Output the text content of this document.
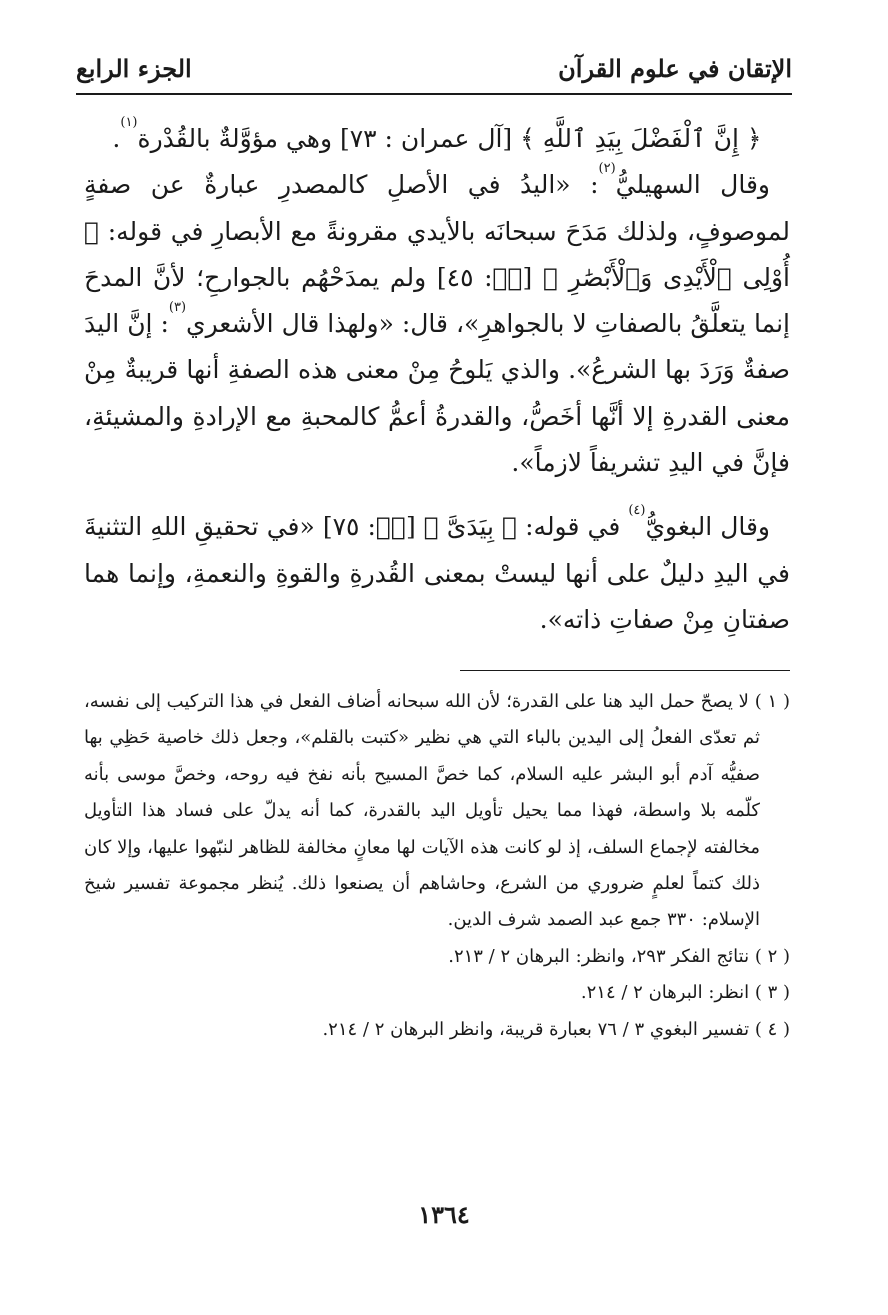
الإتقان في علوم القرآن
الجزء الرابع

﴿ إِنَّ ٱلْفَضْلَ بِيَدِ ٱللَّهِ ﴾ [آل عمران : ٧٣] وهي مؤوَّلةٌ بالقُدْرة$^{(١)}$.

وقال السهيليُّ$^{(٢)}$: «اليدُ في الأصلِ كالمصدرِ عبارةٌ عن صفةٍ لموصوفٍ، ولذلك مَدَحَ سبحانَه بالأيدي مقرونةً مع الأبصارِ في قوله: ﴿ أُوْلِى ٱلْأَيْدِى وَٱلْأَبْصَٰرِ ﴾ [صۤ: ٤٥] ولم يمدَحْهُم بالجوارحِ؛ لأنَّ المدحَ إنما يتعلَّقُ بالصفاتِ لا بالجواهرِ»، قال: «ولهذا قال الأشعري$^{(٣)}$: إنَّ اليدَ صفةٌ وَرَدَ بها الشرعُ». والذي يَلوحُ مِنْ معنى هذه الصفةِ أنها قريبةٌ مِنْ معنى القدرةِ إلا أنَّها أخَصُّ، والقدرةُ أعمُّ كالمحبةِ مع الإرادةِ والمشيئةِ، فإنَّ في اليدِ تشريفاً لازماً».

وقال البغويُّ$^{(٤)}$ في قوله: ﴿ بِيَدَىَّ ﴾ [صۤ: ٧٥] «في تحقيقِ اللهِ التثنيةَ في اليدِ دليلٌ على أنها ليستْ بمعنى القُدرةِ والقوةِ والنعمةِ، وإنما هما صفتانِ مِنْ صفاتِ ذاته».

( ١ ) لا يصحّ حمل اليد هنا على القدرة؛ لأن الله سبحانه أضاف الفعل في هذا التركيب إلى نفسه، ثم تعدّى الفعلُ إلى اليدين بالباء التي هي نظير «كتبت بالقلم»، وجعل ذلك خاصية حَظِي بها صفيُّه آدم أبو البشر عليه السلام، كما خصَّ المسيح بأنه نفخ فيه روحه، وخصَّ موسى بأنه كلّمه بلا واسطة، فهذا مما يحيل تأويل اليد بالقدرة، كما أنه يدلّ على فساد هذا التأويل مخالفته لإجماع السلف، إذ لو كانت هذه الآيات لها معانٍ مخالفة للظاهر لنبّهوا عليها، وإلا كان ذلك كتماً لعلمٍ ضروري من الشرع، وحاشاهم أن يصنعوا ذلك. يُنظر مجموعة تفسير شيخ الإسلام: ٣٣٠ جمع عبد الصمد شرف الدين.

( ٢ ) نتائج الفكر ٢٩٣، وانظر: البرهان ٢ / ٢١٣.

( ٣ ) انظر: البرهان ٢ / ٢١٤.

( ٤ ) تفسير البغوي ٣ / ٧٦ بعبارة قريبة، وانظر البرهان ٢ / ٢١٤.

١٣٦٤
